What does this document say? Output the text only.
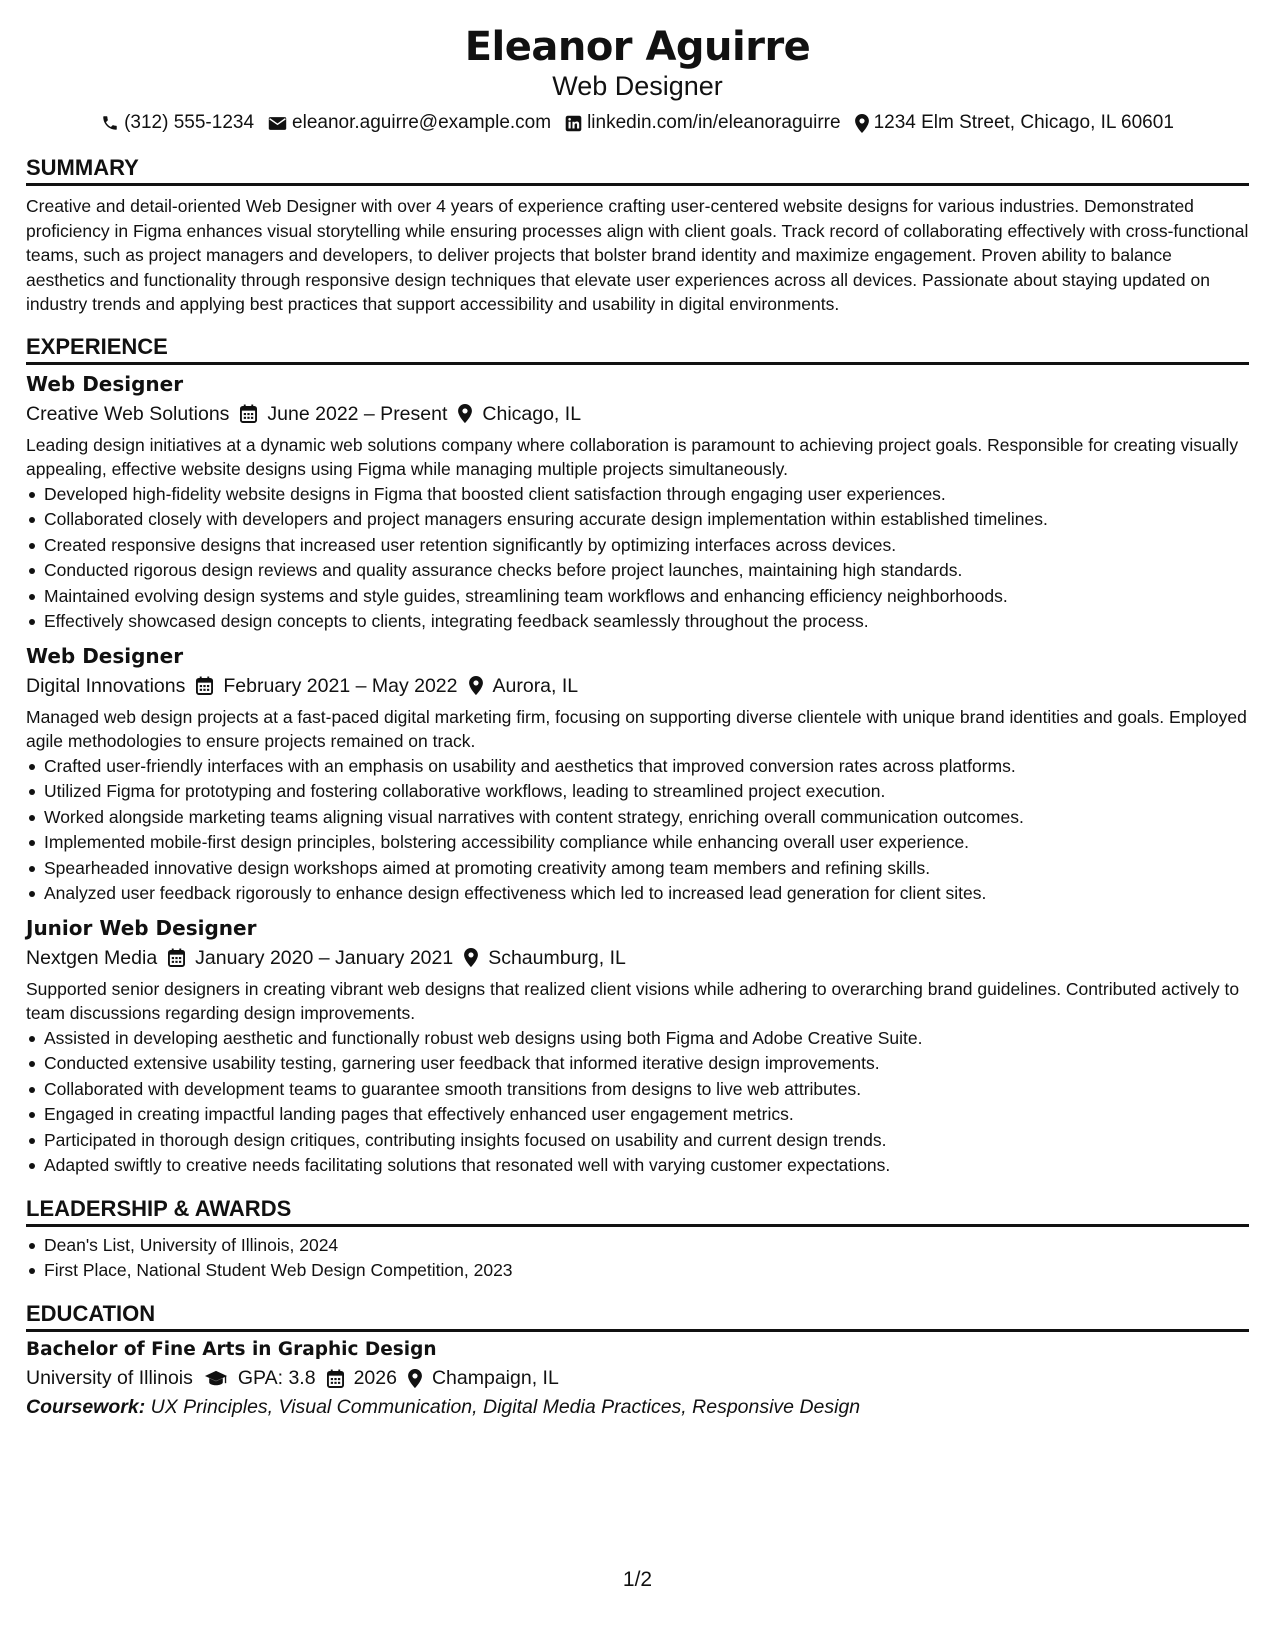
Eleanor Aguirre
Web Designer
(312) 555-1234 eleanor.aguirre@example.com linkedin.com/in/eleanoraguirre 1234 Elm Street, Chicago, IL 60601
SUMMARY
Creative and detail-oriented Web Designer with over 4 years of experience crafting user-centered website designs for various industries. Demonstrated proficiency in Figma enhances visual storytelling while ensuring processes align with client goals. Track record of collaborating effectively with cross-functional teams, such as project managers and developers, to deliver projects that bolster brand identity and maximize engagement. Proven ability to balance aesthetics and functionality through responsive design techniques that elevate user experiences across all devices. Passionate about staying updated on industry trends and applying best practices that support accessibility and usability in digital environments.
EXPERIENCE
Web Designer
Creative Web Solutions June 2022 – Present Chicago, IL
Leading design initiatives at a dynamic web solutions company where collaboration is paramount to achieving project goals. Responsible for creating visually appealing, effective website designs using Figma while managing multiple projects simultaneously.
Developed high-fidelity website designs in Figma that boosted client satisfaction through engaging user experiences.
Collaborated closely with developers and project managers ensuring accurate design implementation within established timelines.
Created responsive designs that increased user retention significantly by optimizing interfaces across devices.
Conducted rigorous design reviews and quality assurance checks before project launches, maintaining high standards.
Maintained evolving design systems and style guides, streamlining team workflows and enhancing efficiency neighborhoods.
Effectively showcased design concepts to clients, integrating feedback seamlessly throughout the process.
Web Designer
Digital Innovations February 2021 – May 2022 Aurora, IL
Managed web design projects at a fast-paced digital marketing firm, focusing on supporting diverse clientele with unique brand identities and goals. Employed agile methodologies to ensure projects remained on track.
Crafted user-friendly interfaces with an emphasis on usability and aesthetics that improved conversion rates across platforms.
Utilized Figma for prototyping and fostering collaborative workflows, leading to streamlined project execution.
Worked alongside marketing teams aligning visual narratives with content strategy, enriching overall communication outcomes.
Implemented mobile-first design principles, bolstering accessibility compliance while enhancing overall user experience.
Spearheaded innovative design workshops aimed at promoting creativity among team members and refining skills.
Analyzed user feedback rigorously to enhance design effectiveness which led to increased lead generation for client sites.
Junior Web Designer
Nextgen Media January 2020 – January 2021 Schaumburg, IL
Supported senior designers in creating vibrant web designs that realized client visions while adhering to overarching brand guidelines. Contributed actively to team discussions regarding design improvements.
Assisted in developing aesthetic and functionally robust web designs using both Figma and Adobe Creative Suite.
Conducted extensive usability testing, garnering user feedback that informed iterative design improvements.
Collaborated with development teams to guarantee smooth transitions from designs to live web attributes.
Engaged in creating impactful landing pages that effectively enhanced user engagement metrics.
Participated in thorough design critiques, contributing insights focused on usability and current design trends.
Adapted swiftly to creative needs facilitating solutions that resonated well with varying customer expectations.
LEADERSHIP & AWARDS
Dean's List, University of Illinois, 2024
First Place, National Student Web Design Competition, 2023
EDUCATION
Bachelor of Fine Arts in Graphic Design
University of Illinois GPA: 3.8 2026 Champaign, IL
Coursework: UX Principles, Visual Communication, Digital Media Practices, Responsive Design
1/2
